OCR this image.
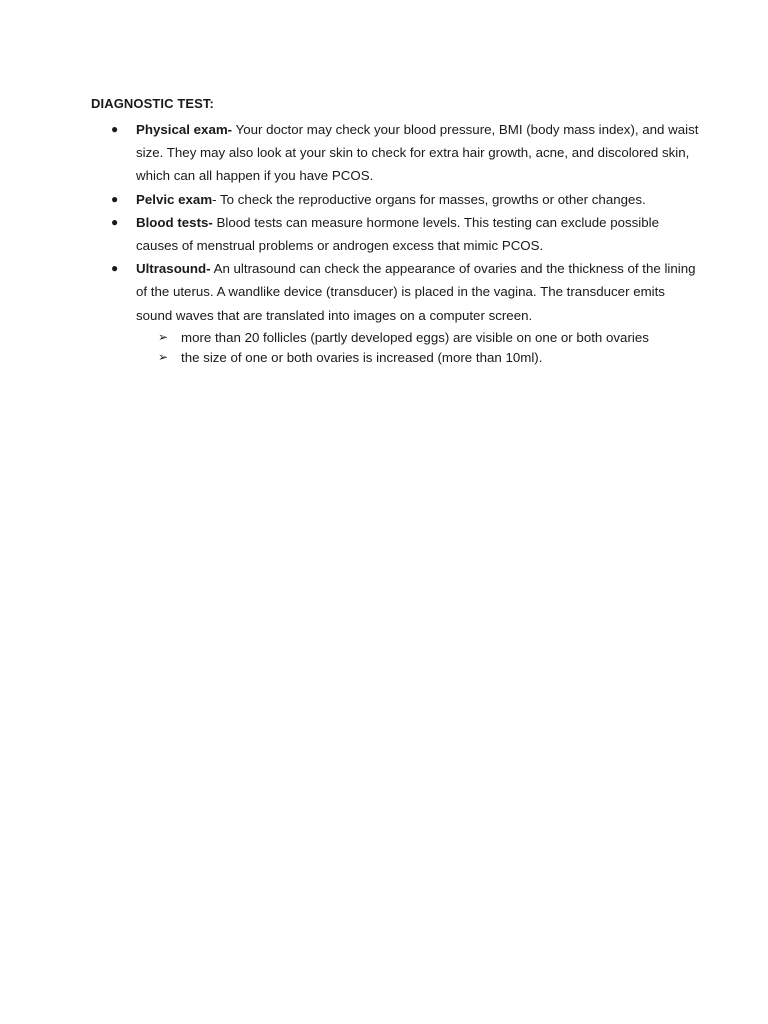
DIAGNOSTIC TEST:
● Physical exam- Your doctor may check your blood pressure, BMI (body mass index), and waist size. They may also look at your skin to check for extra hair growth, acne, and discolored skin, which can all happen if you have PCOS.
● Pelvic exam- To check the reproductive organs for masses, growths or other changes.
● Blood tests- Blood tests can measure hormone levels. This testing can exclude possible causes of menstrual problems or androgen excess that mimic PCOS.
● Ultrasound- An ultrasound can check the appearance of ovaries and the thickness of the lining of the uterus. A wandlike device (transducer) is placed in the vagina. The transducer emits sound waves that are translated into images on a computer screen.
➢ more than 20 follicles (partly developed eggs) are visible on one or both ovaries
➢ the size of one or both ovaries is increased (more than 10ml).
